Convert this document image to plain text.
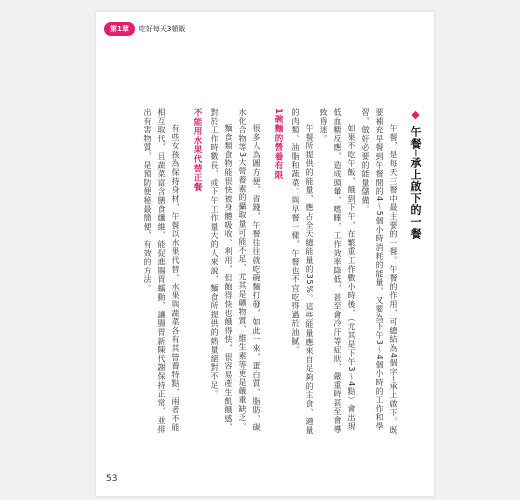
第1章	吃好每天3頓飯
◆午餐─承上啟下的一餐

午餐，是每天三餐中最主要的一餐。午餐的作用，可總結為4個字─承上啟下。既要補充早餐到午餐間的4～5個小時消耗的能量，又要為下午3～4個小時的工作和學習，做好必要的能量儲備。

如果不吃午飯，餓到下午，在繁重工作數小時後，（尤其是下午3～4點）會出現低血糖反應，造成頭暈、嗜睡，工作效率降低，甚至會冷汗等症狀，嚴重時甚至會導致昏迷。

午餐所提供的能量，應占全天總能量的35%。這些能量應來自足夠的主食、適量的肉類、油脂和蔬菜。與早餐一樣，午餐也不宜吃得過於油膩。

1碗麵的營養有限

很多人為圖方便、省錢，午餐往往就吃碗麵打發，如此一來，蛋白質、脂肪、碳水化合物等3大營養素的攝取量可能不足，尤其是礦物質、維生素等更是嚴重缺乏。

麵食類食物能很快被身體吸收、利用，但飽得快也餓得快，很容易產生飢餓感，對於工作時數長、或下午工作量大的人來說，麵食所提供的熱量絕對不足。

不能用水果代替正餐

有些女孩為保持身材，午餐以水果代替。水果與蔬菜各有其營養特點，兩者不能相互取代，且蔬菜富含膳食纖維，能促進腸胃蠕動，讓腸胃新陳代謝保持正常，並排出有害物質，是預防便秘最簡便、有效的方法。

53
